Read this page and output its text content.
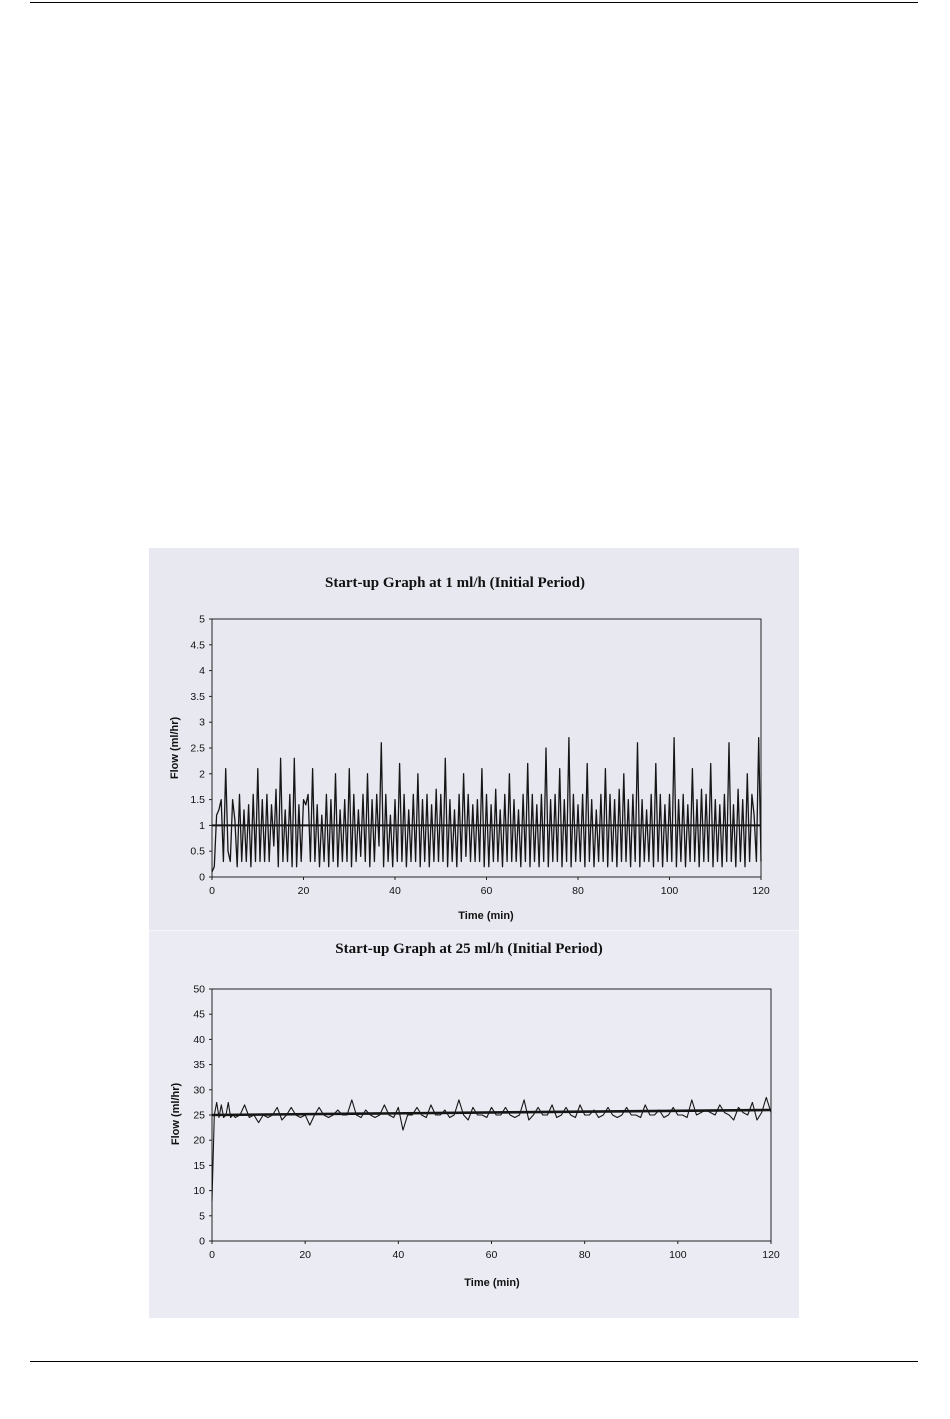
Start-up Graph at 1 ml/h (Initial Period)
0
0.5
1
1.5
2
2.5
3
3.5
4
4.5
5
0	20	40	60	80	100	120
Time (min)
Flow (ml/hr)
Start-up Graph at 25 ml/h (Initial Period)
0
5
10
15
20
25
30
35
40
45
50
0	20	40	60	80	100	120
Time (min)
Flow (ml/hr)
